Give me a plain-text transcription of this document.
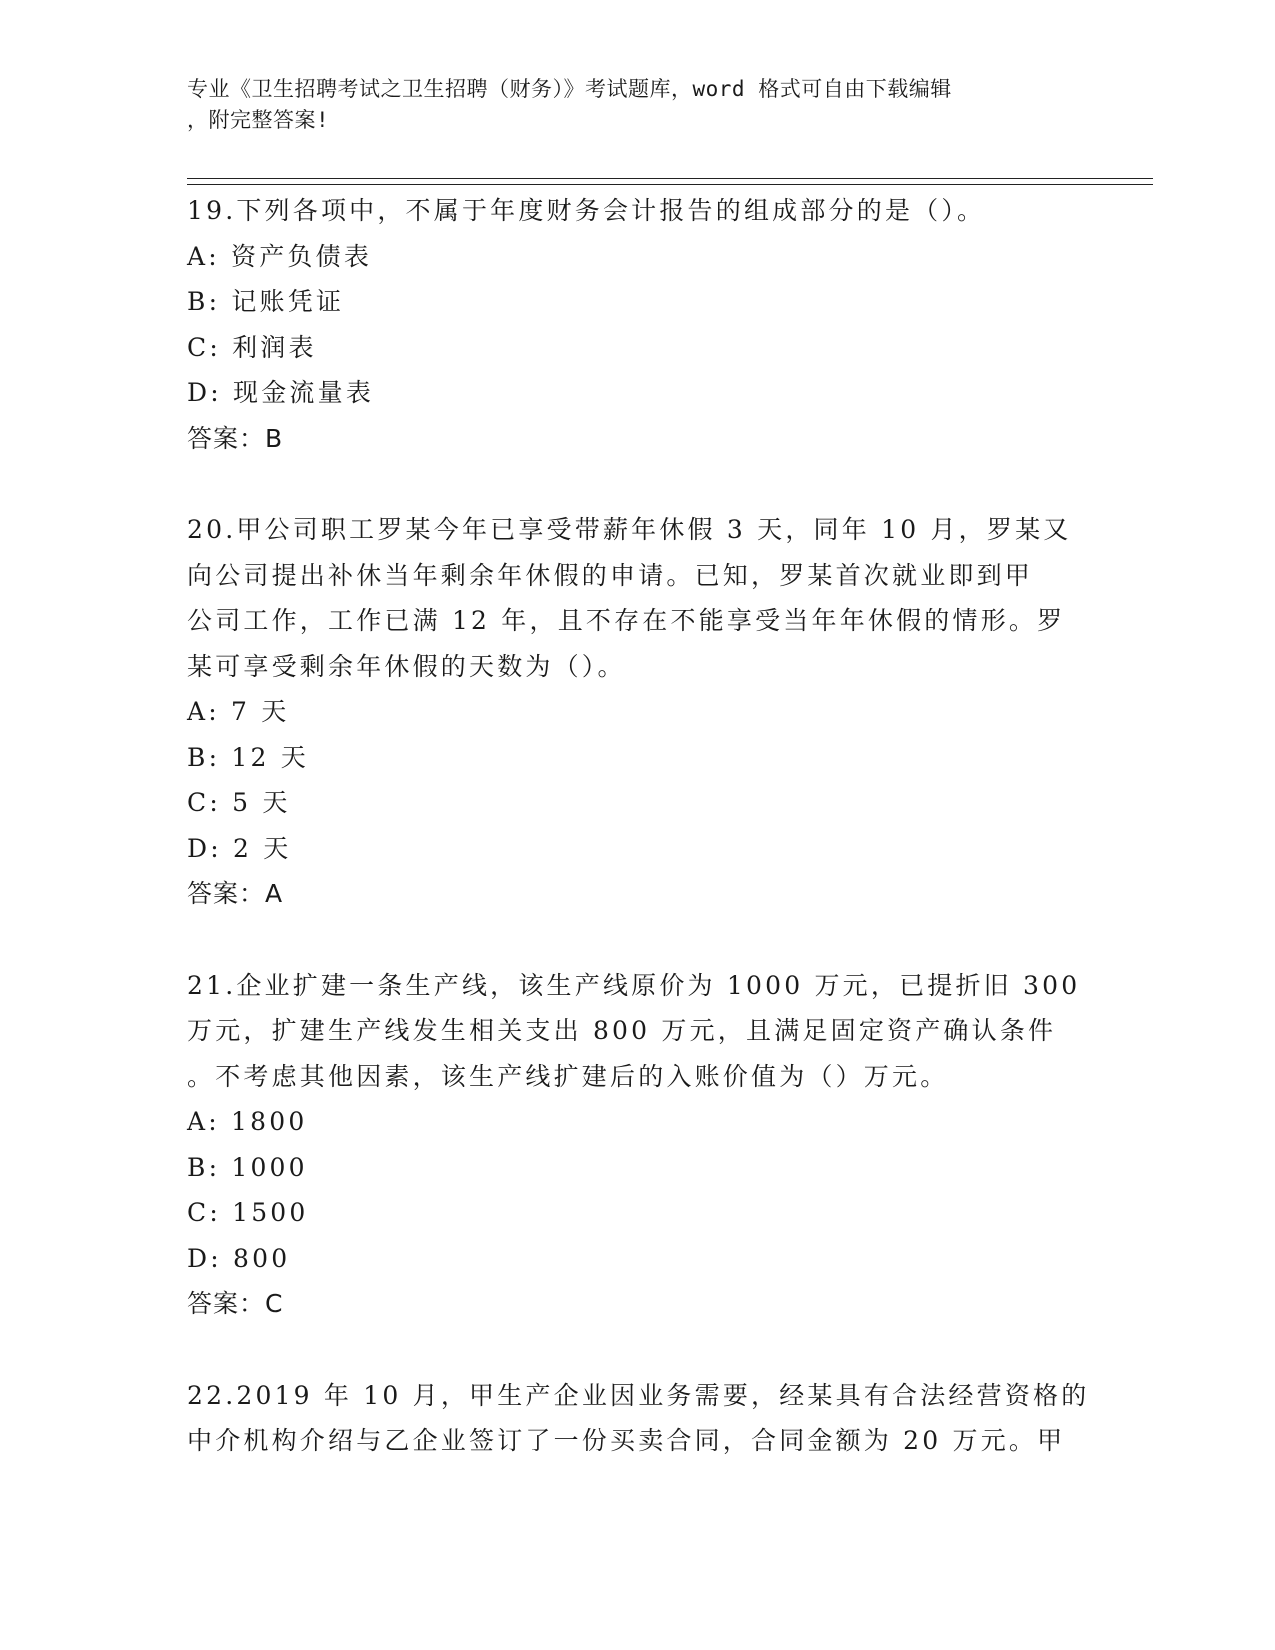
专业《卫生招聘考试之卫生招聘（财务）》考试题库，word 格式可自由下载编辑
，附完整答案!
19.下列各项中，不属于年度财务会计报告的组成部分的是（）。
A: 资产负债表
B: 记账凭证
C: 利润表
D: 现金流量表
答案：B
20.甲公司职工罗某今年已享受带薪年休假 3 天，同年 10 月，罗某又
向公司提出补休当年剩余年休假的申请。已知，罗某首次就业即到甲
公司工作，工作已满 12 年，且不存在不能享受当年年休假的情形。罗
某可享受剩余年休假的天数为（）。
A: 7 天
B: 12 天
C: 5 天
D: 2 天
答案：A
21.企业扩建一条生产线，该生产线原价为 1000 万元，已提折旧 300
万元，扩建生产线发生相关支出 800 万元，且满足固定资产确认条件
。不考虑其他因素，该生产线扩建后的入账价值为（）万元。
A: 1800
B: 1000
C: 1500
D: 800
答案：C
22.2019 年 10 月，甲生产企业因业务需要，经某具有合法经营资格的
中介机构介绍与乙企业签订了一份买卖合同，合同金额为 20 万元。甲
